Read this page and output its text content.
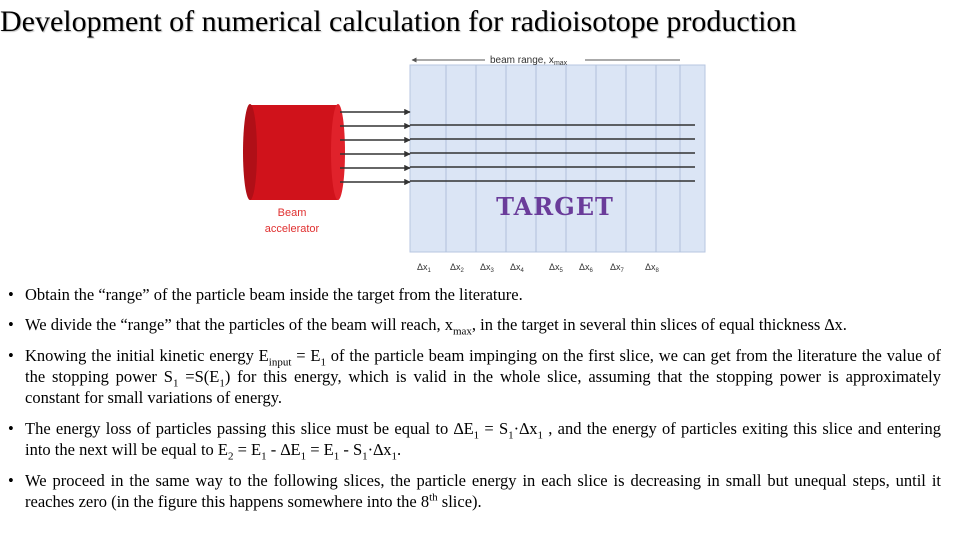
Development of numerical calculation for radioisotope production
beam range, $x_{max}$
Beam
accelerator
TARGET
$\Delta x_1$ $\Delta x_2$ $\Delta x_3$ $\Delta x_4$	$\Delta x_5$ $\Delta x_6$ $\Delta x_7$ $\Delta x_8$
• Obtain the “range” of the particle beam inside the target from the literature.
• We divide the “range” that the particles of the beam will reach, $x_{max}$, in the target in several thin slices of equal thickness ∆x.
• Knowing the initial kinetic energy $E_{input} = E_1$ of the particle beam impinging on the first slice, we can get from the literature the value of the stopping power $S_1 =S(E_1)$ for this energy, which is valid in the whole slice, assuming that the stopping power is approximately constant for small variations of energy.
• The energy loss of particles passing this slice must be equal to $\Delta E_1 = S_1\cdot\Delta x_1$ , and the energy of particles exiting this slice and entering into the next will be equal to $E_2 = E_1 - \Delta E_1 = E_1 - S_1\cdot\Delta x_1$.
• We proceed in the same way to the following slices, the particle energy in each slice is decreasing in small but unequal steps, until it reaches zero (in the figure this happens somewhere into the 8th slice).
